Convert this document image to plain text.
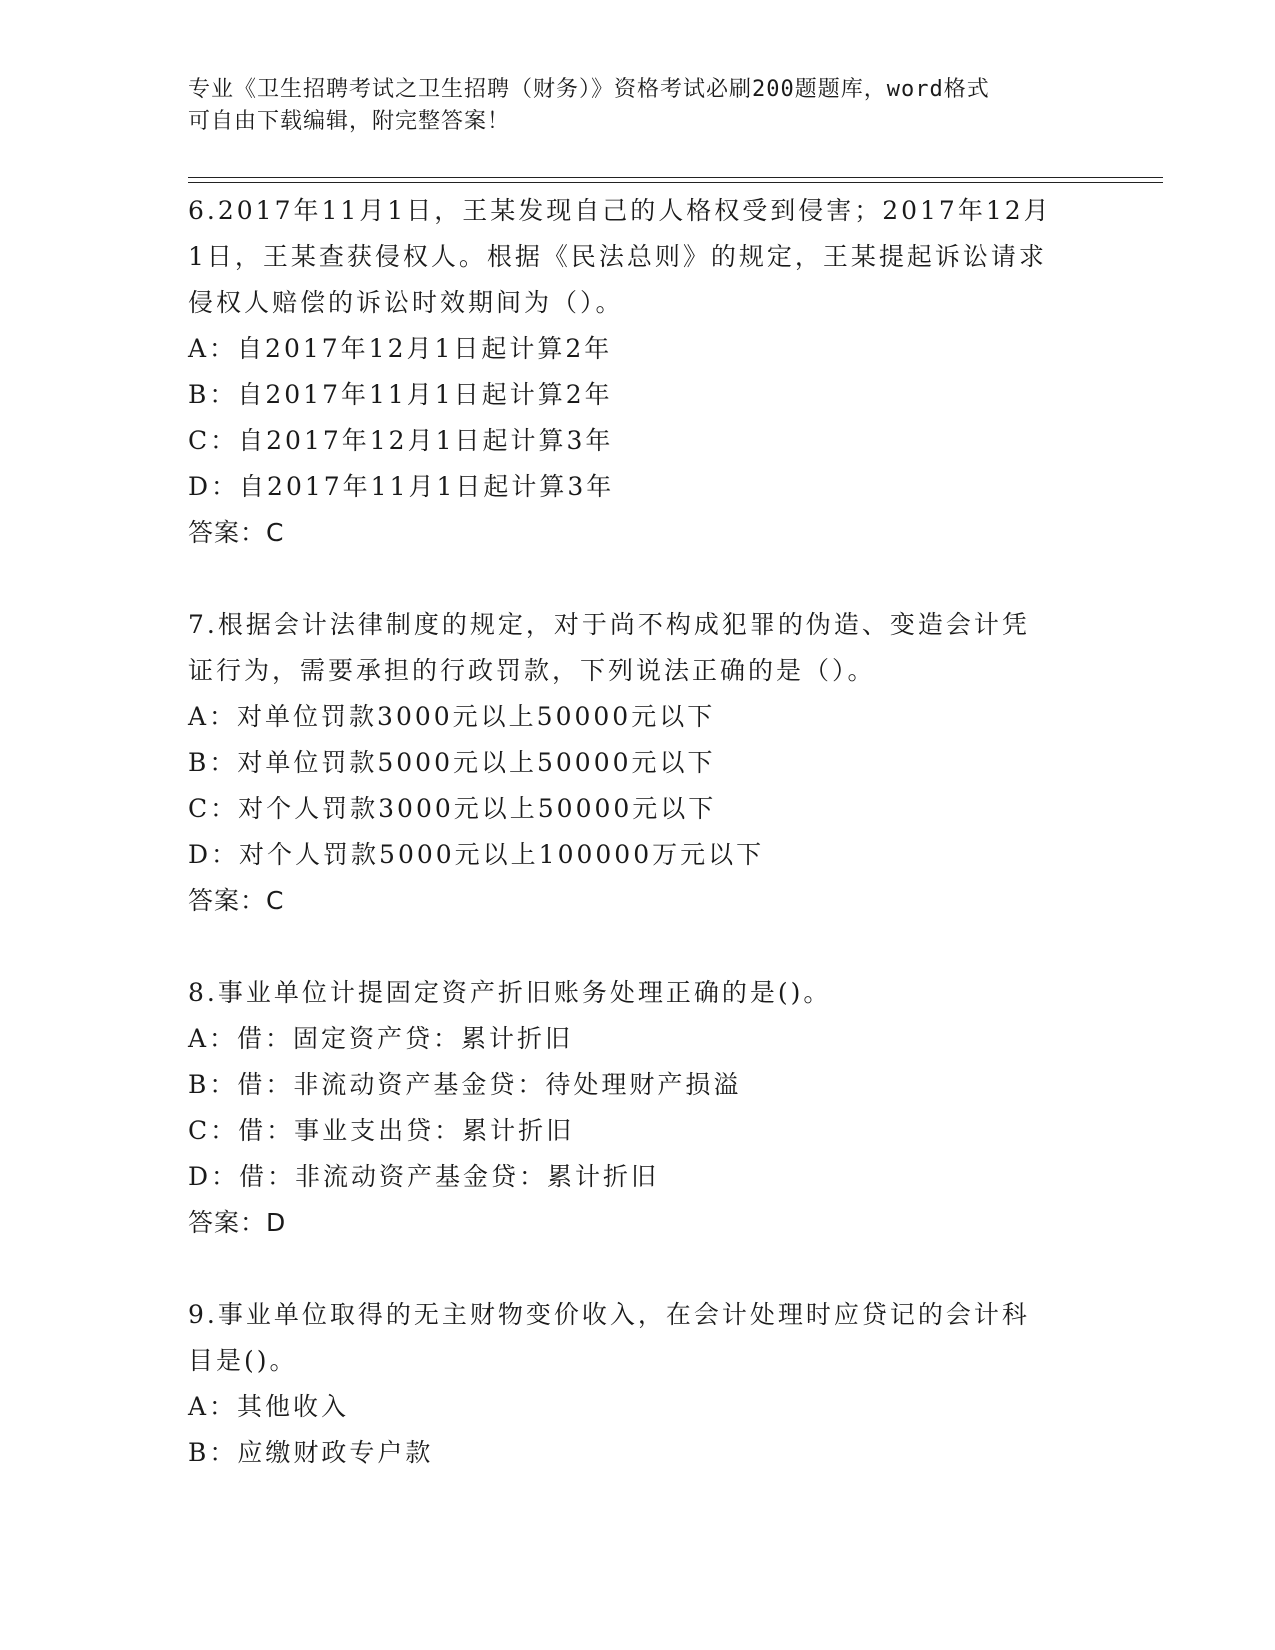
专业《卫生招聘考试之卫生招聘（财务）》资格考试必刷200题题库，word格式
可自由下载编辑，附完整答案！
6.2017年11月1日，王某发现自己的人格权受到侵害；2017年12月
1日，王某查获侵权人。根据《民法总则》的规定，王某提起诉讼请求
侵权人赔偿的诉讼时效期间为（）。
A：自2017年12月1日起计算2年
B：自2017年11月1日起计算2年
C：自2017年12月1日起计算3年
D：自2017年11月1日起计算3年
答案：C
7.根据会计法律制度的规定，对于尚不构成犯罪的伪造、变造会计凭
证行为，需要承担的行政罚款，下列说法正确的是（）。
A：对单位罚款3000元以上50000元以下
B：对单位罚款5000元以上50000元以下
C：对个人罚款3000元以上50000元以下
D：对个人罚款5000元以上100000万元以下
答案：C
8.事业单位计提固定资产折旧账务处理正确的是()。
A：借：固定资产贷：累计折旧
B：借：非流动资产基金贷：待处理财产损溢
C：借：事业支出贷：累计折旧
D：借：非流动资产基金贷：累计折旧
答案：D
9.事业单位取得的无主财物变价收入，在会计处理时应贷记的会计科
目是()。
A：其他收入
B：应缴财政专户款
